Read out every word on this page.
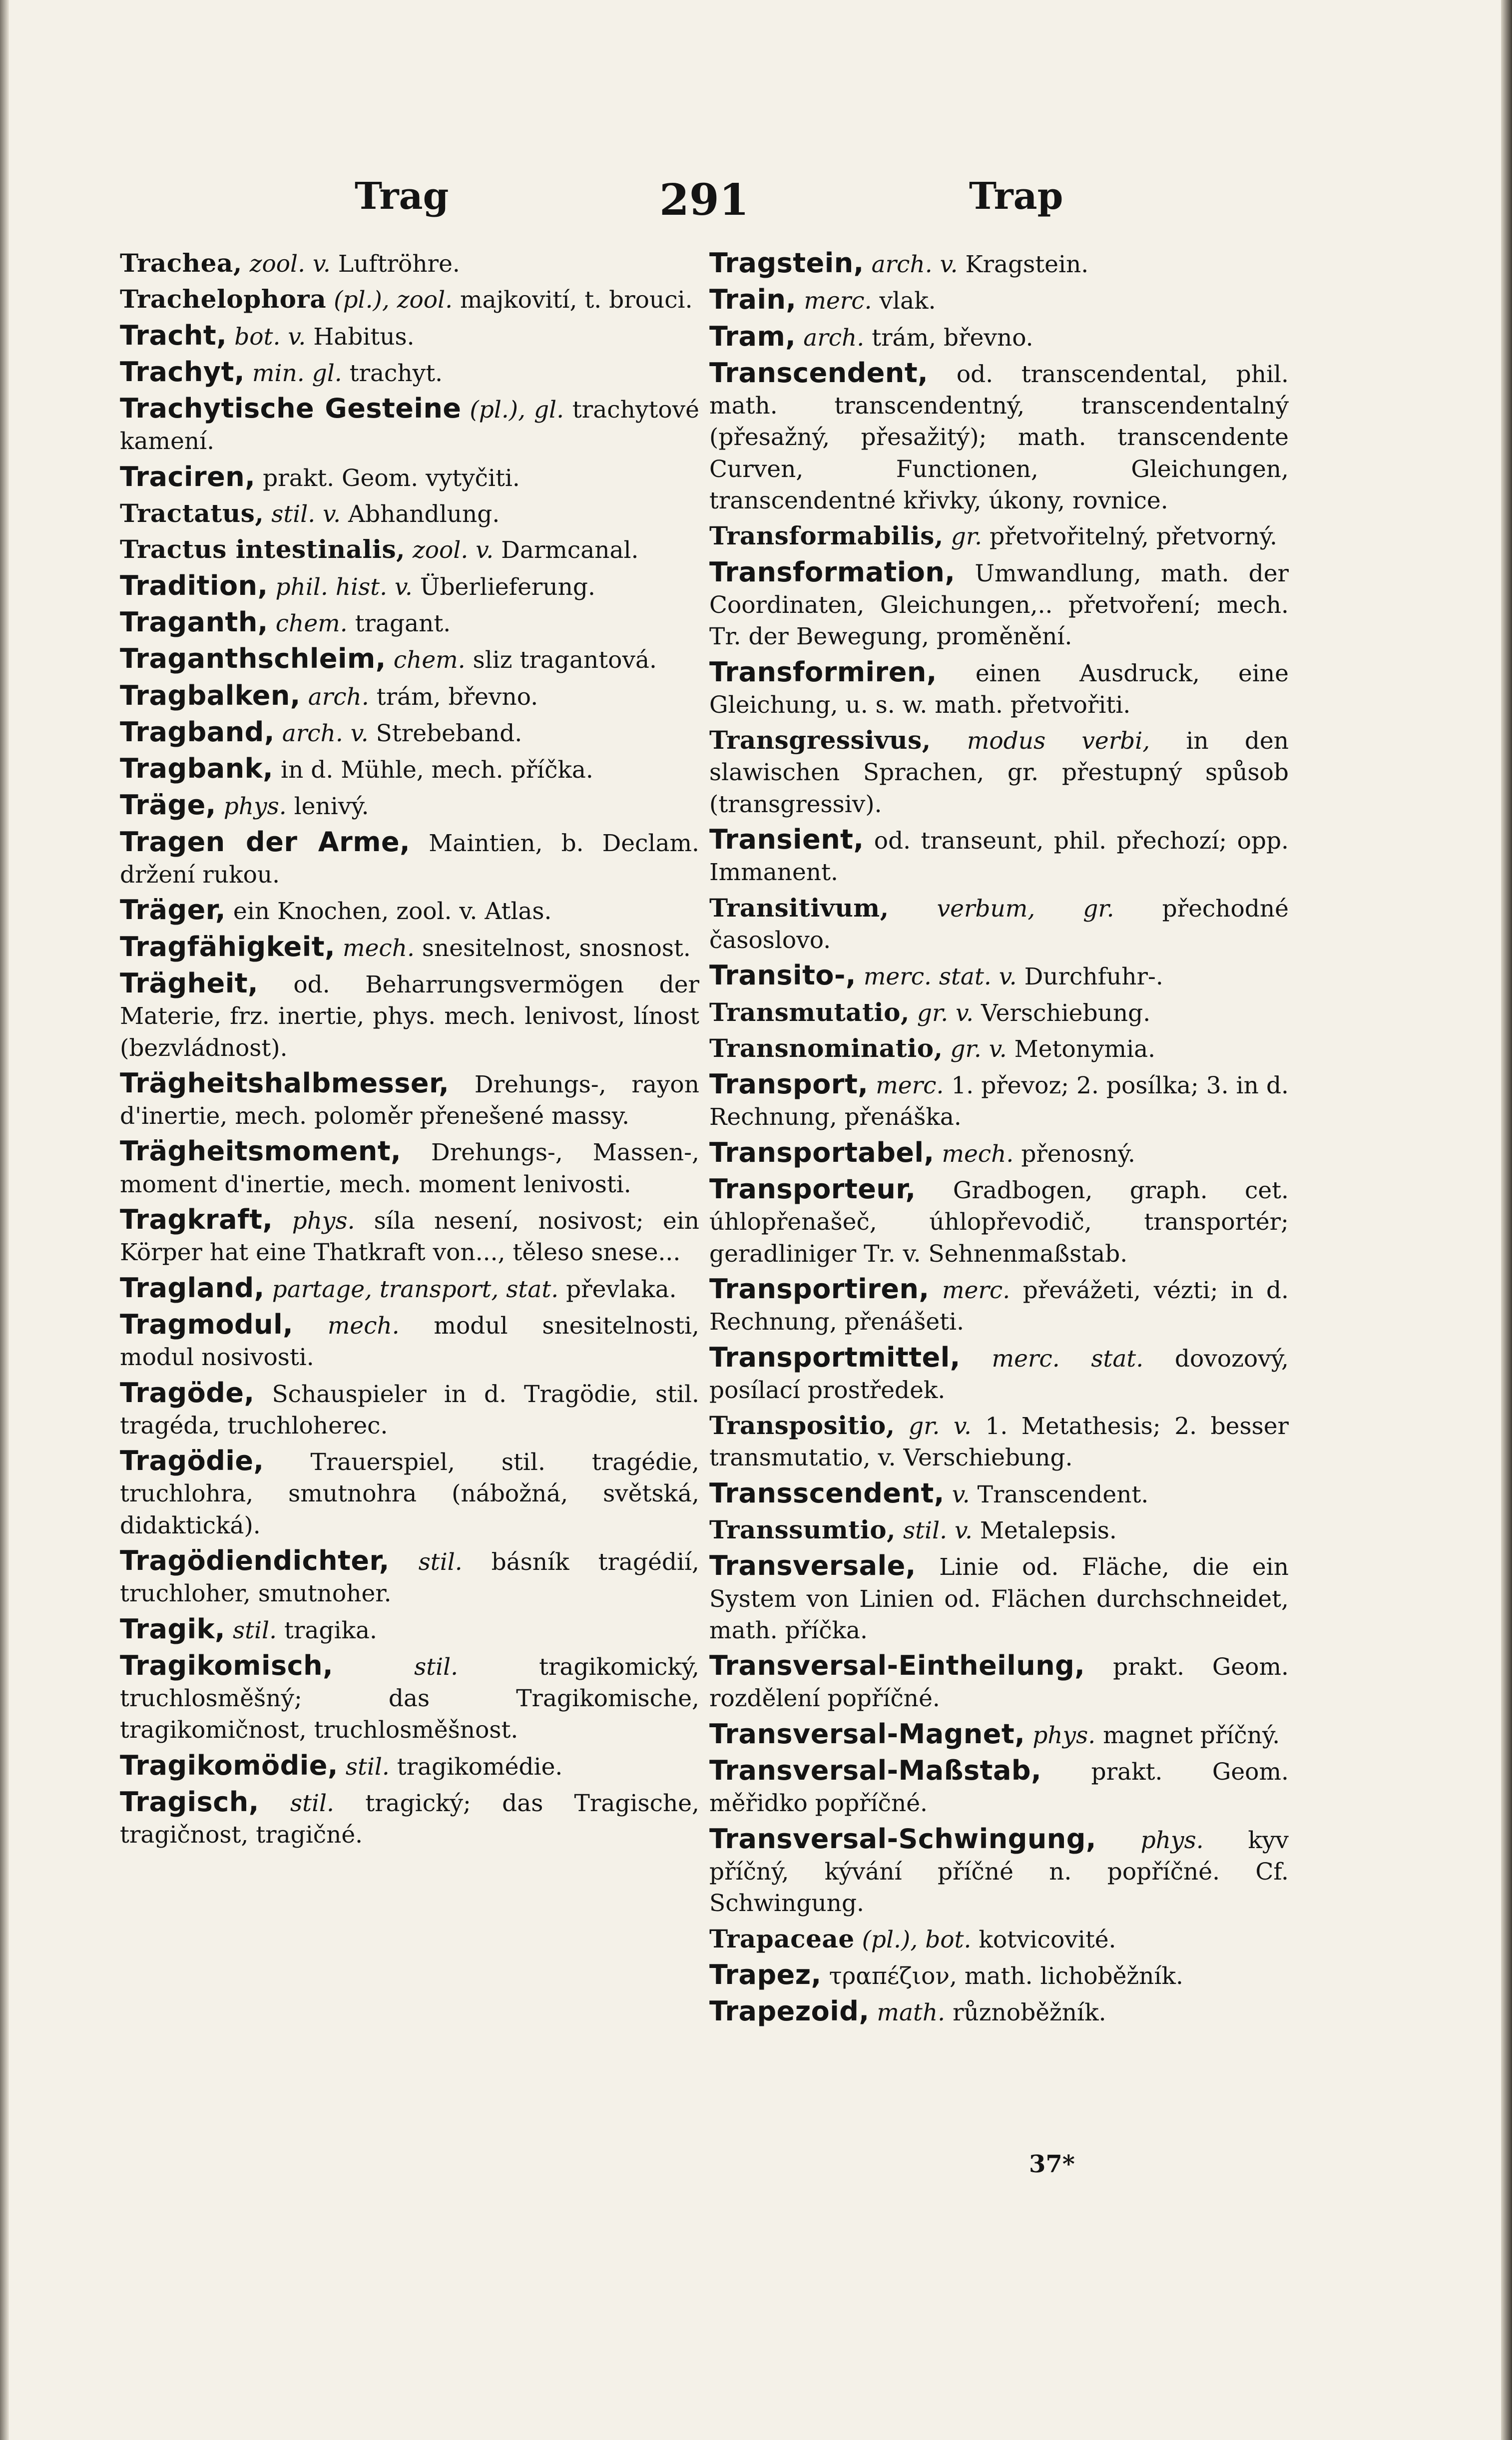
Trag	291	Trap

Trachea, zool. v. Luftröhre.

Trachelophora (pl.), zool. majkovití, t. brouci.

Tracht, bot. v. Habitus.

Trachyt, min. gl. trachyt.

Trachytische Gesteine (pl.), gl. trachytové kamení.

Traciren, prakt. Geom. vytyčiti.

Tractatus, stil. v. Abhandlung.

Tractus intestinalis, zool. v. Darmcanal.

Tradition, phil. hist. v. Überlieferung.

Traganth, chem. tragant.

Traganthschleim, chem. sliz tragantová.

Tragbalken, arch. trám, břevno.

Tragband, arch. v. Strebeband.

Tragbank, in d. Mühle, mech. příčka.

Träge, phys. lenivý.

Tragen der Arme, Maintien, b. Declam. držení rukou.

Träger, ein Knochen, zool. v. Atlas.

Tragfähigkeit, mech. snesitelnost, snosnost.

Trägheit, od. Beharrungsvermögen der Materie, frz. inertie, phys. mech. lenivost, línost (bezvládnost).

Trägheitshalbmesser, Drehungs-, rayon d'inertie, mech. poloměr přenešené massy.

Trägheitsmoment, Drehungs-, Massen-, moment d'inertie, mech. moment lenivosti.

Tragkraft, phys. síla nesení, nosivost; ein Körper hat eine Thatkraft von..., těleso snese...

Tragland, partage, transport, stat. převlaka.

Tragmodul, mech. modul snesitelnosti, modul nosivosti.

Tragöde, Schauspieler in d. Tragödie, stil. tragéda, truchloherec.

Tragödie, Trauerspiel, stil. tragédie, truchlohra, smutnohra (nábožná, světská, didaktická).

Tragödiendichter, stil. básník tragédií, truchloher, smutnoher.

Tragik, stil. tragika.

Tragikomisch,	stil.	tragikomický, truchlosměšný; das Tragikomische, tragikomičnost, truchlosměšnost.

Tragikomödie, stil. tragikomédie.

Tragisch, stil. tragický; das Tragische, tragičnost, tragičné.

Tragstein, arch. v. Kragstein.

Train, merc. vlak.

Tram, arch. trám, břevno.

Transcendent, od. transcendental, phil. math. transcendentný, transcendentalný (přesažný, přesažitý); math. transcendente Curven, Functionen, Gleichungen, transcendentné křivky, úkony, rovnice.

Transformabilis, gr. přetvořitelný, přetvorný.

Transformation, Umwandlung, math. der Coordinaten, Gleichungen,.. přetvoření; mech. Tr. der Bewegung, proměnění.

Transformiren, einen Ausdruck, eine Gleichung, u. s. w. math. přetvořiti.

Transgressivus, modus verbi, in den slawischen Sprachen, gr. přestupný spůsob (transgressiv).

Transient, od. transeunt, phil. přechozí; opp. Immanent.

Transitivum, verbum, gr. přechodné časoslovo.

Transito-, merc. stat. v. Durchfuhr-.

Transmutatio, gr. v. Verschiebung.

Transnominatio, gr. v. Metonymia.

Transport, merc. 1. převoz; 2. posílka; 3. in d. Rechnung, přenáška.

Transportabel, mech. přenosný.

Transporteur, Gradbogen, graph. cet. úhlopřenašeč, úhlopřevodič, transportér; geradliniger Tr. v. Sehnenmaßstab.

Transportiren, merc. převážeti, vézti; in d. Rechnung, přenášeti.

Transportmittel, merc. stat. dovozový, posílací prostředek.

Transpositio, gr. v. 1. Metathesis; 2. besser transmutatio, v. Verschiebung.

Transscendent, v. Transcendent.

Transsumtio, stil. v. Metalepsis.

Transversale, Linie od. Fläche, die ein System von Linien od. Flächen durchschneidet, math. příčka.

Transversal-Eintheilung, prakt. Geom. rozdělení popříčné.

Transversal-Magnet, phys. magnet příčný.

Transversal-Maßstab, prakt. Geom. měřidko popříčné.

Transversal-Schwingung, phys. kyv příčný, kývání příčné n. popříčné. Cf. Schwingung.

Trapaceae (pl.), bot. kotvicovité.

Trapez, τραπέζιον, math. lichoběžník.

Trapezoid, math. různoběžník.

37*
